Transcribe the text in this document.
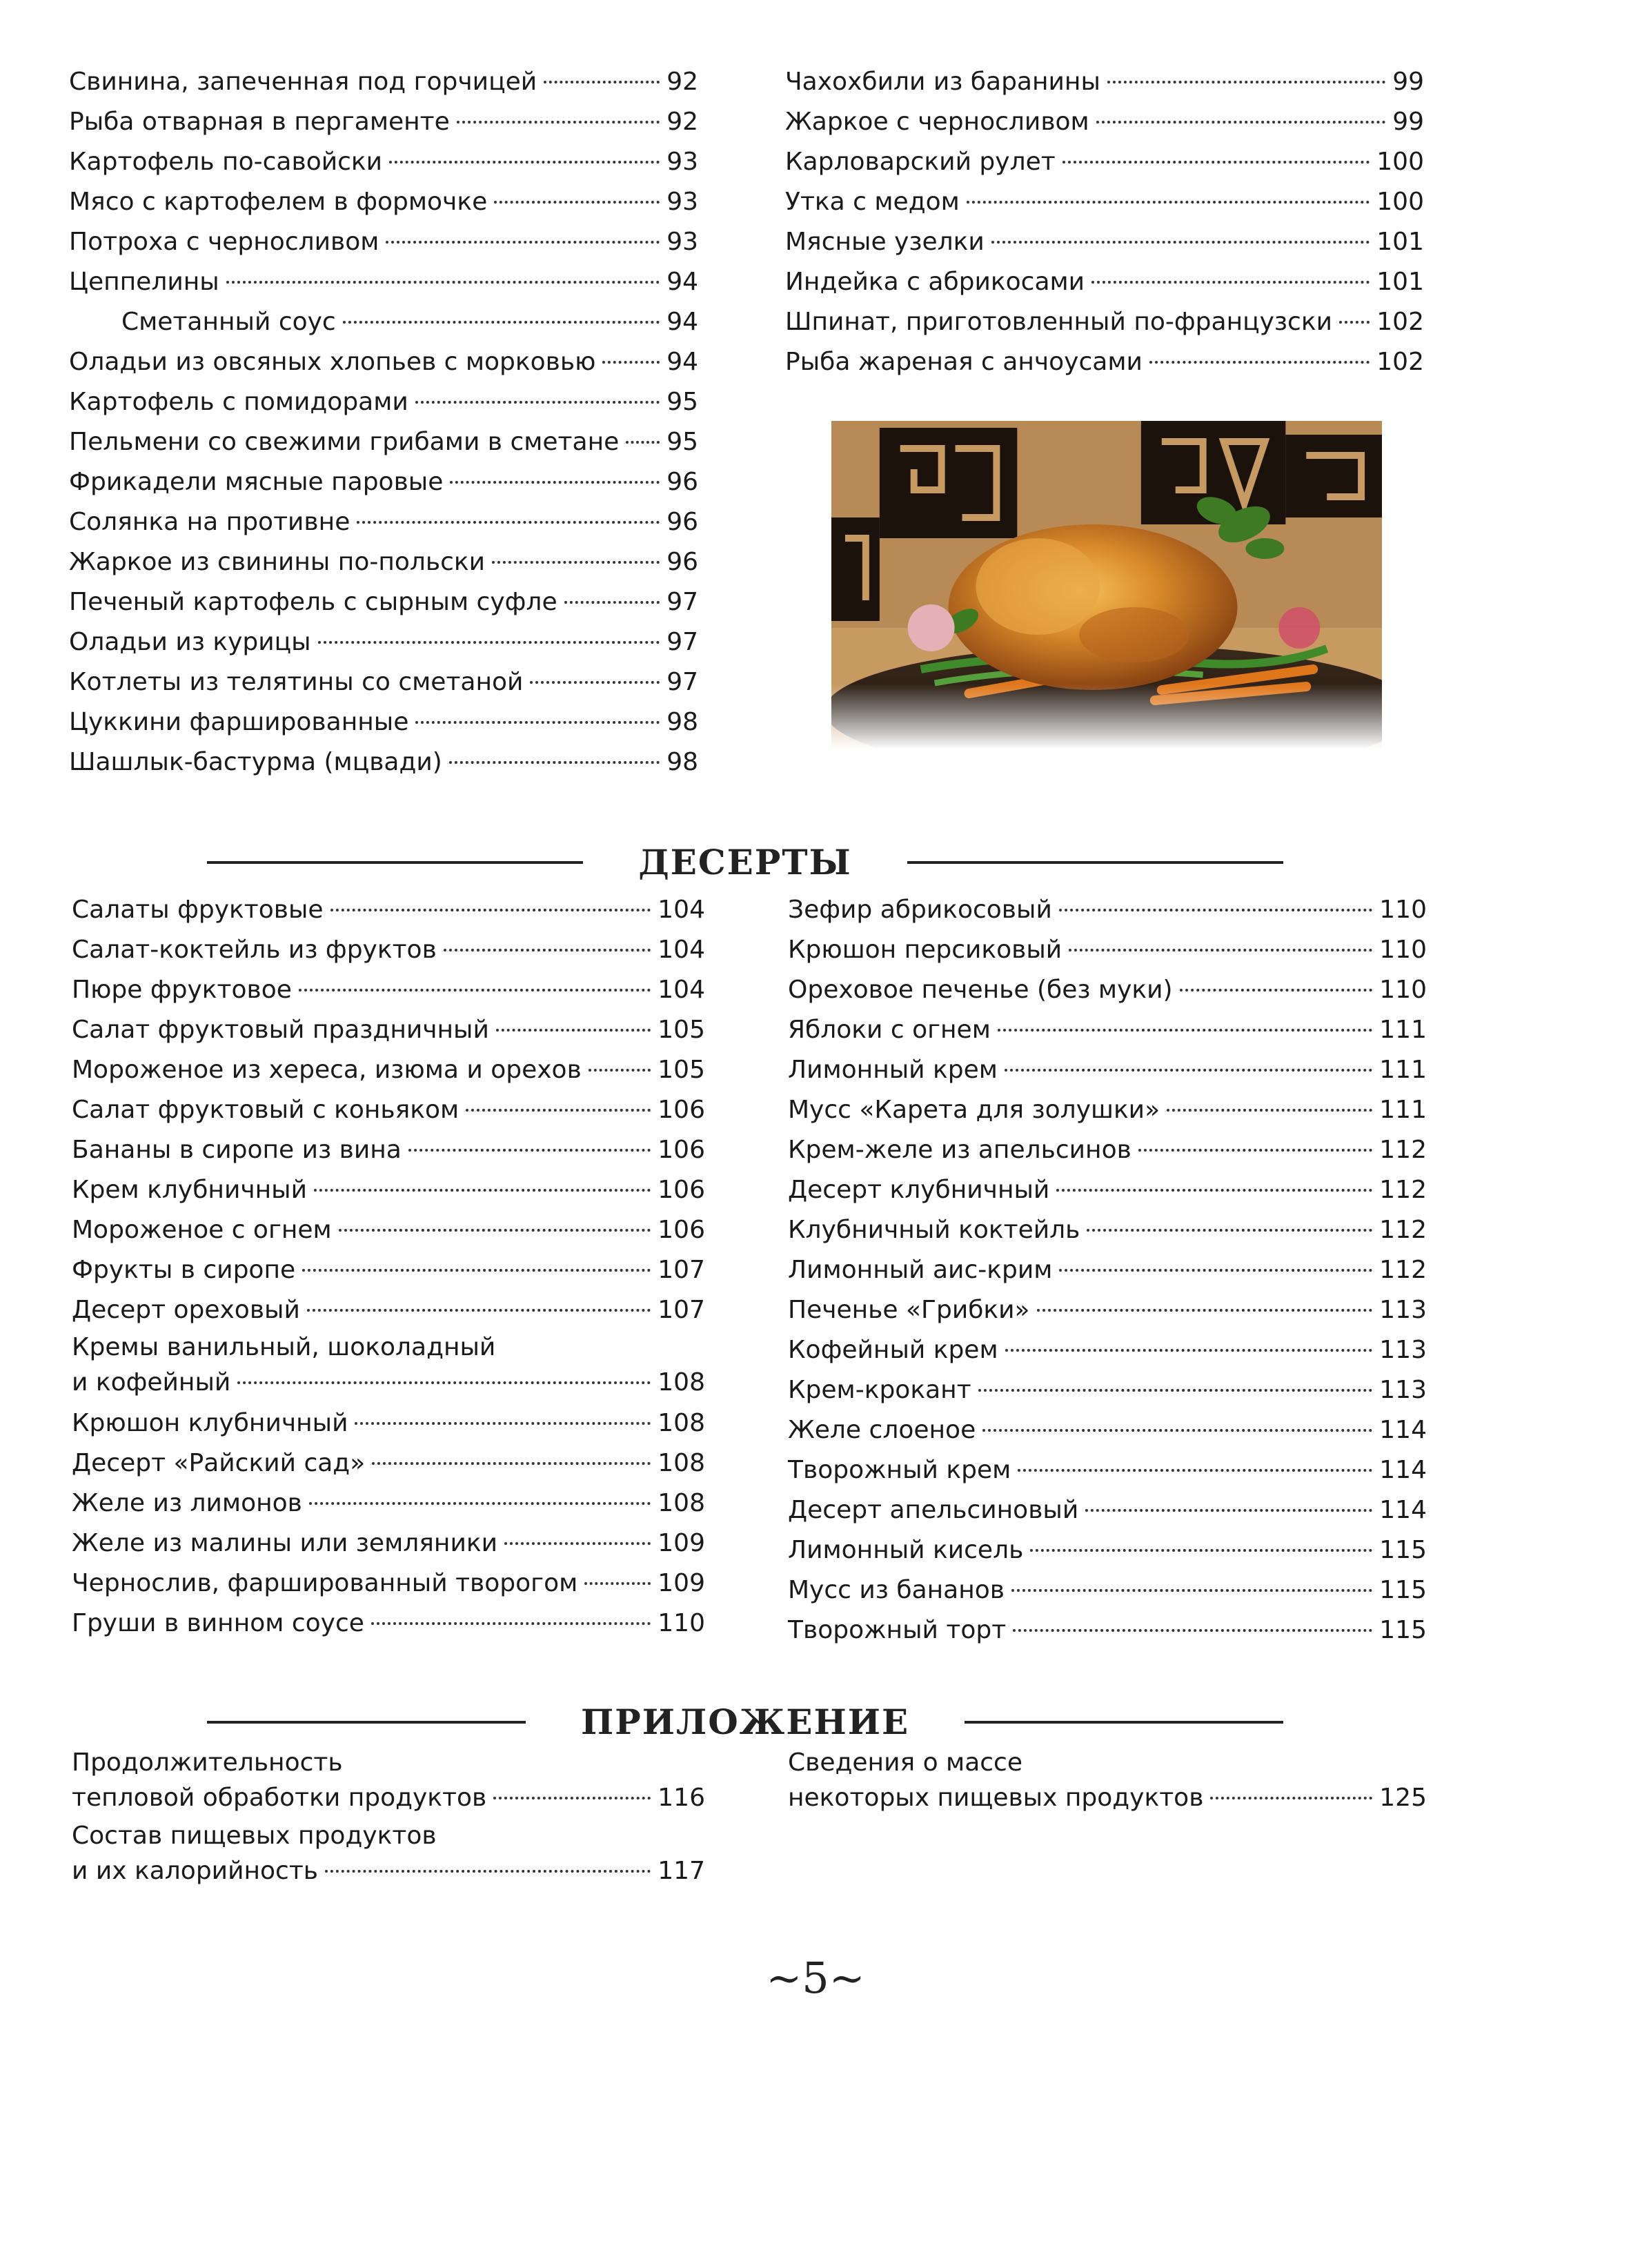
Свинина, запеченная под горчицей	92
Рыба отварная в пергаменте	92
Картофель по-савойски	93
Мясо с картофелем в формочке	93
Потроха с черносливом	93
Цеппелины	94
Сметанный соус	94
Оладьи из овсяных хлопьев с морковью	94
Картофель с помидорами	95
Пельмени со свежими грибами в сметане 95
Фрикадели мясные паровые	96
Солянка на противне	96
Жаркое из свинины по-польски	96
Печеный картофель с сырным суфле	97
Оладьи из курицы	97
Котлеты из телятины со сметаной	97
Цуккини фаршированные	98
Шашлык-бастурма (мцвади)	98
Чахохбили из баранины	99
Жаркое с черносливом	99
Карловарский рулет	100
Утка с медом	100
Мясные узелки	101
Индейка с абрикосами	101
Шпинат, приготовленный по-французски 102
Рыба жареная с анчоусами	102
ДЕСЕРТЫ
Салаты фруктовые	104
Салат-коктейль из фруктов	104
Пюре фруктовое	104
Салат фруктовый праздничный	105
Мороженое из хереса, изюма и орехов	105
Салат фруктовый с коньяком	106
Бананы в сиропе из вина	106
Крем клубничный	106
Мороженое с огнем	106
Фрукты в сиропе	107
Десерт ореховый	107
Кремы ванильный, шоколадный
и кофейный	108
Крюшон клубничный	108
Десерт «Райский сад»	108
Желе из лимонов	108
Желе из малины или земляники	109
Чернослив, фаршированный творогом	109
Груши в винном соусе	110
Зефир абрикосовый	110
Крюшон персиковый	110
Ореховое печенье (без муки)	110
Яблоки с огнем	111
Лимонный крем	111
Мусс «Карета для золушки»	111
Крем-желе из апельсинов	112
Десерт клубничный	112
Клубничный коктейль	112
Лимонный аис-крим	112
Печенье «Грибки»	113
Кофейный крем	113
Крем-крокант	113
Желе слоеное	114
Творожный крем	114
Десерт апельсиновый	114
Лимонный кисель	115
Мусс из бананов	115
Творожный торт	115
ПРИЛОЖЕНИЕ
Продолжительность
тепловой обработки продуктов	116
Состав пищевых продуктов
и их калорийность	117
Сведения о массе
некоторых пищевых продуктов	125
~5~
